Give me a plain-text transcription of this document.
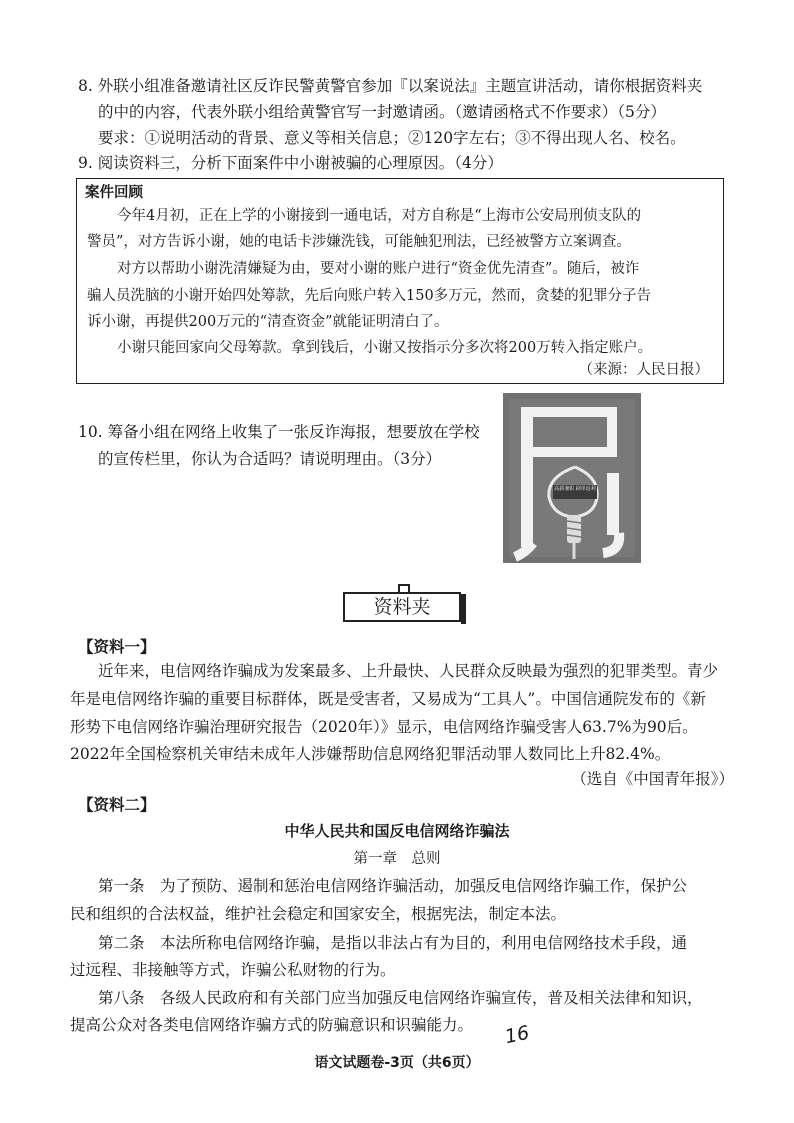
8. 外联小组准备邀请社区反诈民警黄警官参加『以案说法』主题宣讲活动，请你根据资料夹
的中的内容，代表外联小组给黄警官写一封邀请函。（邀请函格式不作要求）（5分）
要求：①说明活动的背景、意义等相关信息；②120字左右；③不得出现人名、校名。
9. 阅读资料三，分析下面案件中小谢被骗的心理原因。（4分）
案件回顾
今年4月初，正在上学的小谢接到一通电话，对方自称是“上海市公安局刑侦支队的
警员”，对方告诉小谢，她的电话卡涉嫌洗钱，可能触犯刑法，已经被警方立案调查。
对方以帮助小谢洗清嫌疑为由，要对小谢的账户进行“资金优先清查”。随后，被诈
骗人员洗脑的小谢开始四处筹款，先后向账户转入150多万元，然而，贪婪的犯罪分子告
诉小谢，再提供200万元的“清查资金”就能证明清白了。
小谢只能回家向父母筹款。拿到钱后，小谢又按指示分多次将200万转入指定账户。
（来源：人民日报）
10. 筹备小组在网络上收集了一张反诈海报，想要放在学校
的宣传栏里，你认为合适吗？请说明理由。（3分）
高薪兼职 刷单返利
资料夹
【资料一】
近年来，电信网络诈骗成为发案最多、上升最快、人民群众反映最为强烈的犯罪类型。青少
年是电信网络诈骗的重要目标群体，既是受害者，又易成为“工具人”。中国信通院发布的《新
形势下电信网络诈骗治理研究报告（2020年）》显示，电信网络诈骗受害人63.7%为90后。
2022年全国检察机关审结未成年人涉嫌帮助信息网络犯罪活动罪人数同比上升82.4%。
（选自《中国青年报》）
【资料二】
中华人民共和国反电信网络诈骗法
第一章　总则
第一条　为了预防、遏制和惩治电信网络诈骗活动，加强反电信网络诈骗工作，保护公
民和组织的合法权益，维护社会稳定和国家安全，根据宪法，制定本法。
第二条　本法所称电信网络诈骗，是指以非法占有为目的，利用电信网络技术手段，通
过远程、非接触等方式，诈骗公私财物的行为。
第八条　各级人民政府和有关部门应当加强反电信网络诈骗宣传，普及相关法律和知识，
提高公众对各类电信网络诈骗方式的防骗意识和识骗能力。 16
语文试题卷-3页（共6页）
